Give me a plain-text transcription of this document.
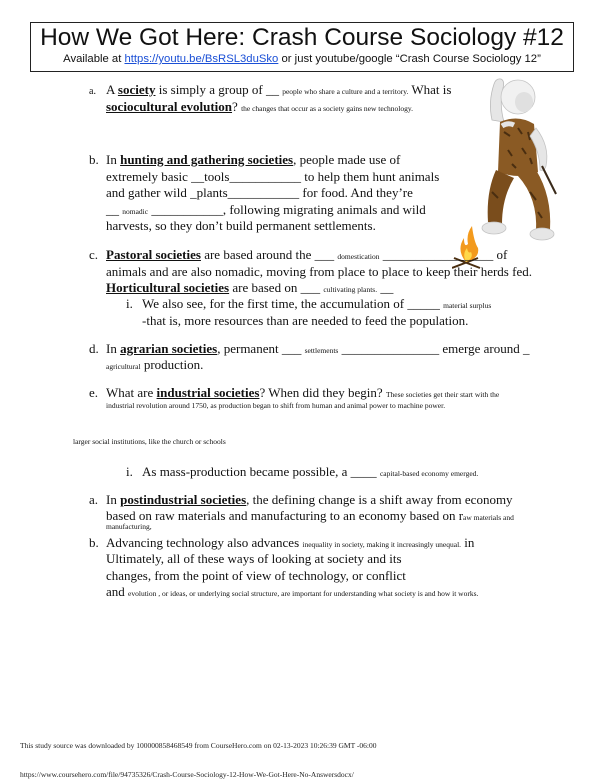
How We Got Here: Crash Course Sociology #12
Available at https://youtu.be/BsRSL3duSko or just youtube/google “Crash Course Sociology 12”
a. A society is simply a group of __ people who share a culture and a territory. What is
sociocultural evolution? the changes that occur as a society gains new technology.
b. In hunting and gathering societies, people made use of
extremely basic __tools___________ to help them hunt animals
and gather wild _plants___________ for food. And they’re
__ nomadic ___________, following migrating animals and wild
harvests, so they don’t build permanent settlements.
c. Pastoral societies are based around the ___ domestication _________________ of
animals and are also nomadic, moving from place to place to keep their herds fed.
Horticultural societies are based on ___ cultivating plants. __
i. We also see, for the first time, the accumulation of _____ material surplus
-that is, more resources than are needed to feed the population.
d. In agrarian societies, permanent ___ settlements _______________ emerge around _
agricultural production.
e. What are industrial societies? When did they begin? These societies get their start with the
industrial revolution around 1750, as production began to shift from human and animal power to machine power.
larger social institutions, like the church or schools
i. As mass-production became possible, a ____ capital-based economy emerged.
a. In postindustrial societies, the defining change is a shift away from economy
based on raw materials and manufacturing to an economy based on raw materials and
manufacturing,
b. Advancing technology also advances inequality in society, making it increasingly unequal. in
Ultimately, all of these ways of looking at society and its
changes, from the point of view of technology, or conflict
and evolution , or ideas, or underlying social structure, are important for understanding what society is and how it works.
This study source was downloaded by 100000858468549 from CourseHero.com on 02-13-2023 10:26:39 GMT -06:00
https://www.coursehero.com/file/94735326/Crash-Course-Sociology-12-How-We-Got-Here-No-Answersdocx/
